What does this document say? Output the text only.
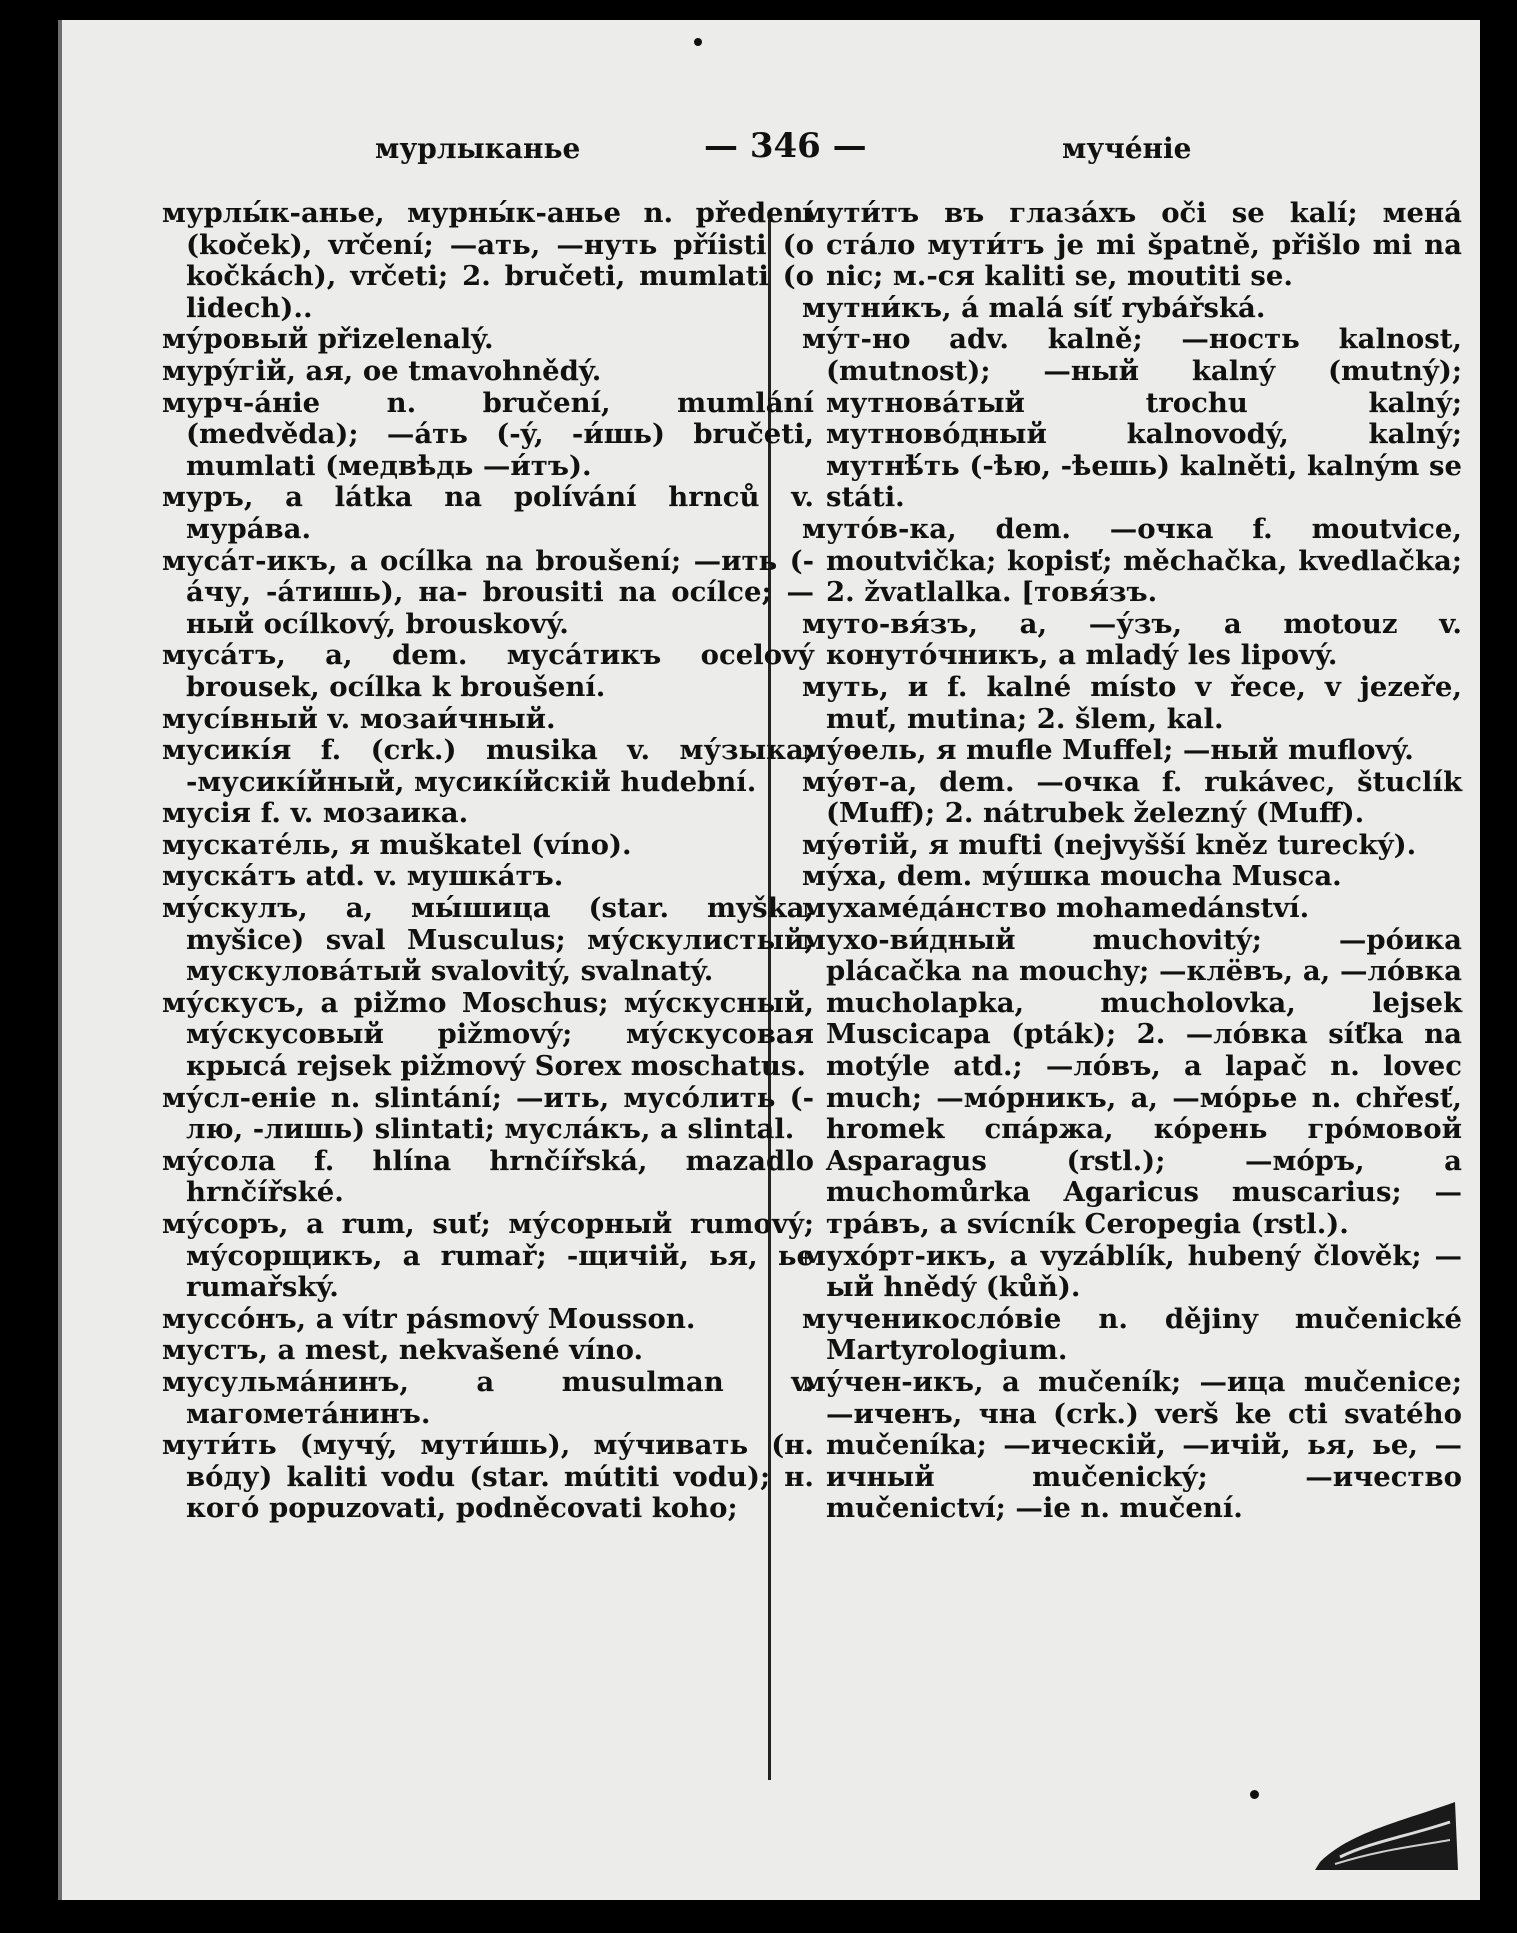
мурлыканье	— 346 —	мучéніе
мурлы́к-анье, мурны́к-анье n. předení (koček), vrčení; —ать, —нуть příisti (o kočkách), vrčeti; 2. bručeti, mumlati (o lidech)..
му́ровый přizelenalý.
мурýгій, ая, ое tmavohnědý.
мурч-áніе n. bručení, mumlání (medvěda); —áть (-ý, -и́шь) bručeti, mumlati (медвѣдь —и́тъ).
муръ, а látka na polívání hrnců v. мурáва.
мусáт-икъ, а ocílka na broušení; —ить (-áчу, -áтишь), на- brousiti na ocílce; —ный ocílkový, brouskový.
мусáтъ, а, dem. мусáтикъ ocelový brousek, ocílka k broušení.
мусíвный v. мозаи́чный.
мусикíя f. (crk.) musika v. му́зыка; -мусикíйный, мусикíйскій hudební.
мусія f. v. мозаика.
мускатéль, я muškatel (víno).
муска́тъ atd. v. мушка́тъ.
му́скулъ, а, мы́шица (star. myška, myšice) sval Musculus; му́скулистый, мускуловáтый svalovitý, svalnatý.
му́скусъ, а pižmo Moschus; му́скусный, му́скусовый pižmový; му́скусовая крысá rejsek pižmový Sorex moschatus.
му́сл-еніе n. slintání; —ить, мусóлить (-лю, -лишь) slintati; муслáкъ, а slintal.
му́сола f. hlína hrnčířská, mazadlo hrnčířské.
му́соръ, а rum, suť; му́сорный rumový; му́сорщикъ, а rumař; -щичій, ья, ье rumařský.
муссóнъ, а vítr pásmový Mousson.
мустъ, а mest, nekvašené víno.
мусульмáнинъ, а musulman v. магометáнинъ.
мути́ть (мучý, мути́шь), му́чивать (н. вóду) kaliti vodu (star. mútiti vodu); н. когó popuzovati, podněcovati koho;
мути́тъ въ глазáхъ oči se kalí; менá стáло мути́тъ je mi špatně, přišlo mi na nic; м.-ся kaliti se, moutiti se.
мутни́къ, á malá síť rybářská.
му́т-но adv. kalně; —ность kalnost, (mutnost); —ный kalný (mutný); мутновáтый trochu kalný; мутновóдный kalnovodý, kalný; мутнѣ́ть (-ѣю, -ѣешь) kalněti, kalným se státi.
мутóв-ка, dem. —очка f. moutvice, moutvička; kopisť; měchačka, kvedlačka; 2. žvatlalka. [товя́зъ.
муто-вя́зъ, а, —у́зъ, а motouz v. конутóчникъ, а mladý les lipový.
муть, и f. kalné místo v řece, v jezeře, muť, mutina; 2. šlem, kal.
му́ѳель, я mufle Muffel; —ный muflový.
му́ѳт-а, dem. —очка f. rukávec, štuclík (Muff); 2. nátrubek železný (Muff).
му́ѳтій, я mufti (nejvyšší kněz turecký).
му́ха, dem. му́шка moucha Musca.
мухаме́дáнство mohamedánství.
мухо-ви́дный muchovitý; —рóика plácačka na mouchy; —клёвъ, а, —лóвка mucholapka, mucholovka, lejsek Muscicapa (pták); 2. —лóвка síťka na motýle atd.; —лóвъ, а lapač n. lovec much; —мóрникъ, а, —мóрье n. chřesť, hromek спáржа, кóрень грóмовой Asparagus (rstl.); —мóръ, а muchomůrka Agaricus muscarius; —трáвъ, а svícník Ceropegia (rstl.).
мухóрт-икъ, а vyzáblík, hubený člověk; —ый hnědý (kůň).
мученикослóвіе n. dějiny mučenické Martyrologium.
му́чен-икъ, а mučeník; —ица mučenice; —иченъ, чна (crk.) verš ke cti svatého mučeníka; —ическій, —ичій, ья, ье, —ичный mučenický; —ичество mučenictví; —іе n. mučení.
